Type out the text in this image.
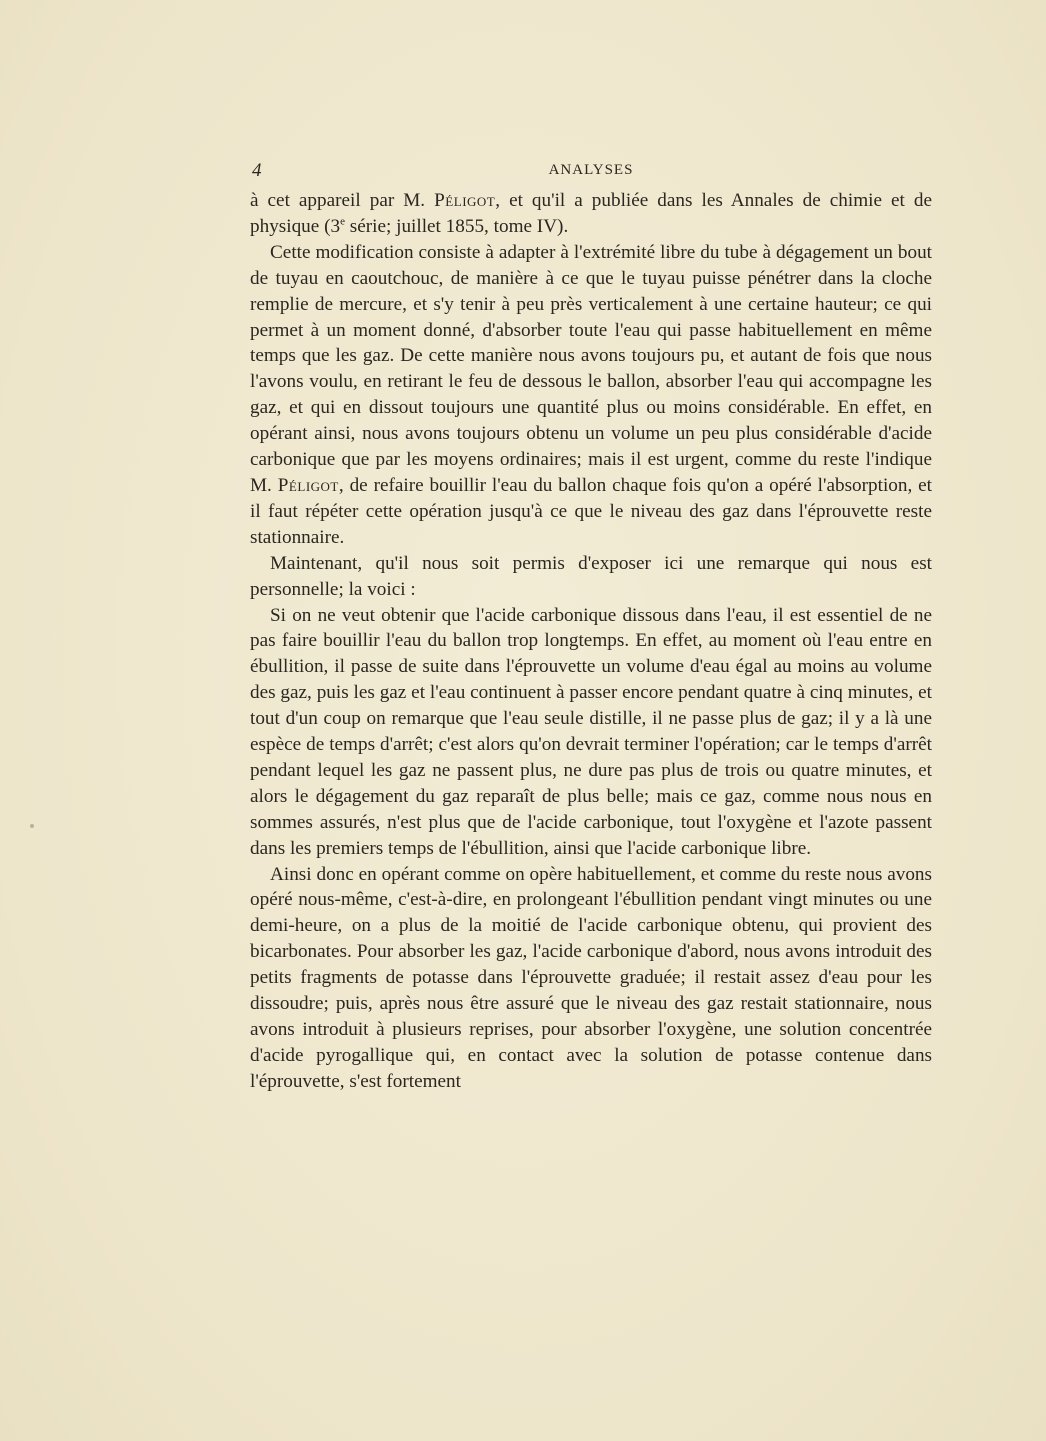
4	ANALYSES

à cet appareil par M. Péligot, et qu'il a publiée dans les Annales de chimie et de physique (3e série; juillet 1855, tome IV).

Cette modification consiste à adapter à l'extrémité libre du tube à dégagement un bout de tuyau en caoutchouc, de manière à ce que le tuyau puisse pénétrer dans la cloche remplie de mercure, et s'y tenir à peu près verticalement à une certaine hauteur; ce qui permet à un moment donné, d'absorber toute l'eau qui passe habituellement en même temps que les gaz. De cette manière nous avons toujours pu, et autant de fois que nous l'avons voulu, en retirant le feu de dessous le ballon, absorber l'eau qui accompagne les gaz, et qui en dissout toujours une quantité plus ou moins considérable. En effet, en opérant ainsi, nous avons toujours obtenu un volume un peu plus considérable d'acide carbonique que par les moyens ordinaires; mais il est urgent, comme du reste l'indique M. Péligot, de refaire bouillir l'eau du ballon chaque fois qu'on a opéré l'absorption, et il faut répéter cette opération jusqu'à ce que le niveau des gaz dans l'éprouvette reste stationnaire.

Maintenant, qu'il nous soit permis d'exposer ici une remarque qui nous est personnelle; la voici :

Si on ne veut obtenir que l'acide carbonique dissous dans l'eau, il est essentiel de ne pas faire bouillir l'eau du ballon trop longtemps. En effet, au moment où l'eau entre en ébullition, il passe de suite dans l'éprouvette un volume d'eau égal au moins au volume des gaz, puis les gaz et l'eau continuent à passer encore pendant quatre à cinq minutes, et tout d'un coup on remarque que l'eau seule distille, il ne passe plus de gaz; il y a là une espèce de temps d'arrêt; c'est alors qu'on devrait terminer l'opération; car le temps d'arrêt pendant lequel les gaz ne passent plus, ne dure pas plus de trois ou quatre minutes, et alors le dégagement du gaz reparaît de plus belle; mais ce gaz, comme nous nous en sommes assurés, n'est plus que de l'acide carbonique, tout l'oxygène et l'azote passent dans les premiers temps de l'ébullition, ainsi que l'acide carbonique libre.

Ainsi donc en opérant comme on opère habituellement, et comme du reste nous avons opéré nous-même, c'est-à-dire, en prolongeant l'ébullition pendant vingt minutes ou une demi-heure, on a plus de la moitié de l'acide carbonique obtenu, qui provient des bicarbonates. Pour absorber les gaz, l'acide carbonique d'abord, nous avons introduit des petits fragments de potasse dans l'éprouvette graduée; il restait assez d'eau pour les dissoudre; puis, après nous être assuré que le niveau des gaz restait stationnaire, nous avons introduit à plusieurs reprises, pour absorber l'oxygène, une solution concentrée d'acide pyrogallique qui, en contact avec la solution de potasse contenue dans l'éprouvette, s'est fortement
